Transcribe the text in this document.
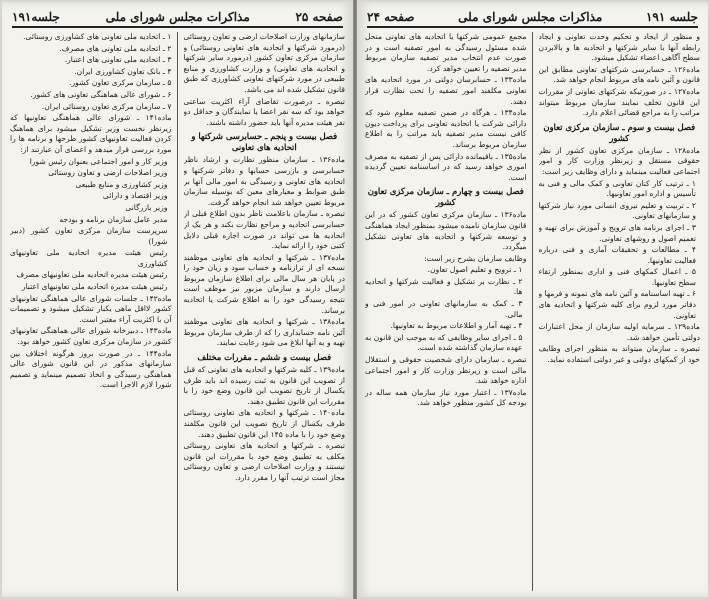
صفحه ۲۵
مذاکرات مجلس شورای ملی
جلسه۱۹۱

سازمانهای وزارت اصلاحات ارضی و تعاون روستائی (درمورد شرکتها و اتحادیه های تعاونی روستائی) و سازمان مرکزی تعاون کشور (درمورد سایر شرکتها و اتحادیه های تعاونی) و وزارت کشاورزی و منابع طبیعی در مورد شرکتهای تعاونی کشاورزی که طبق قانون تشکیل شده اند می باشد.

تبصره ـ درصورت تقاضای آراء اکثریت ساعتی خواهد بود که سه نفر اعضا یا نمایندگان و حداقل دو نفر هیئت مدیره آنها باید حضور داشته باشند.

فصل بیست و پنجم ـ حسابرسی شرکتها و اتحادیه های تعاونی

ماده۱۳۶ ـ سازمان منظور نظارت و ارشاد ناظر حسابرسی و بازرسی حسابها و دفاتر شرکتها و اتحادیه های تعاونی و رسیدگی به امور مالی آنها بر طبق ضوابط و معیارهای معین که بوسیله سازمان مربوط تعیین خواهد شد انجام خواهد گرفت.

تبصره ـ سازمان باعلامت ناظر بدون اطلاع قبلی از حسابرسی اتحادیه و مراجع نظارت بکند و هر یک از اتحادیه ها می تواند در صورت اجازه قبلی دلایل کتبی خود را ارائه نماید.

ماده۱۳۷ ـ شرکتها و اتحادیه های تعاونی موظفند نسخه ای از ترازنامه و حساب سود و زیان خود را در پایان هر سال مالی برای اطلاع سازمان مربوط ارسال دارند و سازمان مزبور نیز موظف است نتیجه رسیدگی خود را به اطلاع شرکت یا اتحادیه برساند.

ماده۱۳۸ ـ شرکتها و اتحادیه های تعاونی موظفند آئین نامه حسابداری را که از طرف سازمان مربوط تهیه و به آنها ابلاغ می شود رعایت نمایند.

فصل بیست و ششم ـ مقررات مختلف

ماده۱۳۹ ـ کلیه شرکتها و اتحادیه های تعاونی که قبل از تصویب این قانون به ثبت رسیده اند باید ظرف یکسال از تاریخ تصویب این قانون وضع خود را با مقررات این قانون تطبیق دهند.

ماده۱۴۰ ـ شرکتها و اتحادیه های تعاونی روستائی ظرف یکسال از تاریخ تصویب این قانون مکلفند وضع خود را با ماده ۱۴۵ این قانون تطبیق دهند.

تبصره ـ شرکتها و اتحادیه های تعاونی روستائی مکلف به تطبیق وضع خود با مقررات این قانون نیستند و وزارت اصلاحات ارضی و تعاون روستائی مجاز است ترتیب آنها را مقرر دارد.

۱ ـ اتحادیه ملی تعاونی های کشاورزی روستائی.

۲ ـ اتحادیه ملی تعاونی های مصرف.

۳ ـ اتحادیه ملی تعاونی های اعتبار.

۴ ـ بانک تعاون کشاورزی ایران.

۵ ـ سازمان مرکزی تعاون کشور.

۶ ـ شورای عالی هماهنگی تعاونی های کشور.

۷ ـ سازمان مرکزی تعاون روستائی ایران.

ماده۱۴۱ ـ شورای عالی هماهنگی تعاونیها که زیرنظر نخست وزیر تشکیل میشود برای هماهنگ کردن فعالیت تعاونیهای کشور طرحها و برنامه ها را مورد بررسی قرار میدهد و اعضای آن عبارتند از:

وزیر کار و امور اجتماعی بعنوان رئیس شورا

وزیر اصلاحات ارضی و تعاون روستائی

وزیر کشاورزی و منابع طبیعی

وزیر اقتصاد و دارائی

وزیر بازرگانی

مدیر عامل سازمان برنامه و بودجه

سرپرست سازمان مرکزی تعاون کشور (دبیر شورا)

رئیس هیئت مدیره اتحادیه ملی تعاونیهای کشاورزی

رئیس هیئت مدیره اتحادیه ملی تعاونیهای مصرف

رئیس هیئت مدیره اتحادیه ملی تعاونیهای اعتبار

ماده۱۴۲ ـ جلسات شورای عالی هماهنگی تعاونیهای کشور لااقل ماهی یکبار تشکیل میشود و تصمیمات آن با اکثریت آراء معتبر است.

ماده۱۴۳ ـ دبیرخانه شورای عالی هماهنگی تعاونیهای کشور در سازمان مرکزی تعاون کشور خواهد بود.

ماده۱۴۴ ـ در صورت بروز هرگونه اختلاف بین سازمانهای مذکور در این قانون شورای عالی هماهنگی رسیدگی و اتخاذ تصمیم مینماید و تصمیم شورا لازم الاجرا است.

جلسه ۱۹۱
مذاکرات مجلس شورای ملی
صفحه ۲۴

و منظور از ایجاد و تحکیم وحدت تعاونی و ایجاد رابطه آنها با سایر شرکتها و اتحادیه ها و بالابردن سطح آگاهی اعضاء تشکیل میشود.

ماده۱۲۶ ـ حسابرسی شرکتهای تعاونی مطابق این قانون و آئین نامه های مربوط انجام خواهد شد.

ماده۱۲۷ ـ در صورتیکه شرکتهای تعاونی از مقررات این قانون تخلف نمایند سازمان مربوط میتواند مراتب را به مراجع قضائی اعلام دارد.

فصل بیست و سوم ـ سازمان مرکزی تعاون کشور

ماده۱۲۸ ـ سازمان مرکزی تعاون کشور از نظر حقوقی مستقل و زیرنظر وزارت کار و امور اجتماعی فعالیت مینماید و دارای وظایف زیر است:

۱ ـ ترتیب کار کنان تعاونی و کمک مالی و فنی به تأسیس و اداره امور تعاونیها.

۲ ـ تربیت و تعلیم نیروی انسانی مورد نیاز شرکتها و سازمانهای تعاونی.

۳ ـ اجرای برنامه های ترویج و آموزش برای تهیه و تعمیم اصول و روشهای تعاونی.

۴ ـ مطالعات و تحقیقات آماری و فنی درباره فعالیت تعاونیها.

۵ ـ اعمال کمکهای فنی و اداری بمنظور ارتقاء سطح تعاونیها.

۶ ـ تهیه اساسنامه و آئین نامه های نمونه و فرمها و دفاتر مورد لزوم برای کلیه شرکتها و اتحادیه های تعاونی.

ماده۱۲۹ ـ سرمایه اولیه سازمان از محل اعتبارات دولتی تأمین خواهد شد.

تبصره ـ سازمان میتواند به منظور اجرای وظایف خود از کمکهای دولتی و غیر دولتی استفاده نماید.

مجمع عمومی شرکتها یا اتحادیه های تعاونی منحل شده مسئول رسیدگی به امور تصفیه است و در صورت عدم انتخاب مدیر تصفیه سازمان مربوط مدیر تصفیه را تعیین خواهد کرد.

ماده۱۳۳ ـ حسابرسان دولتی در مورد اتحادیه های تعاونی مکلفند امور تصفیه را تحت نظارت قرار دهند.

ماده۱۳۴ ـ هرگاه در ضمن تصفیه معلوم شود که دارائی شرکت یا اتحادیه تعاونی برای پرداخت دیون کافی نیست مدیر تصفیه باید مراتب را به اطلاع سازمان مربوط برساند.

ماده۱۳۵ ـ باقیمانده دارائی پس از تصفیه به مصرف اموری خواهد رسید که در اساسنامه تعیین گردیده است.

فصل بیست و چهارم ـ سازمان مرکزی تعاون کشور

ماده۱۳۶ ـ سازمان مرکزی تعاون کشور که در این قانون سازمان نامیده میشود بمنظور ایجاد هماهنگی و توسعه شرکتها و اتحادیه های تعاونی تشکیل میگردد.

وظایف سازمان بشرح زیر است:

۱ ـ ترویج و تعلیم اصول تعاون.

۲ ـ نظارت بر تشکیل و فعالیت شرکتها و اتحادیه ها.

۳ ـ کمک به سازمانهای تعاونی در امور فنی و مالی.

۴ ـ تهیه آمار و اطلاعات مربوط به تعاونیها.

۵ ـ اجرای سایر وظایفی که به موجب این قانون به عهده سازمان گذاشته شده است.

تبصره ـ سازمان دارای شخصیت حقوقی و استقلال مالی است و زیرنظر وزارت کار و امور اجتماعی اداره خواهد شد.

ماده۱۳۷ ـ اعتبار مورد نیاز سازمان همه ساله در بودجه کل کشور منظور خواهد شد.
